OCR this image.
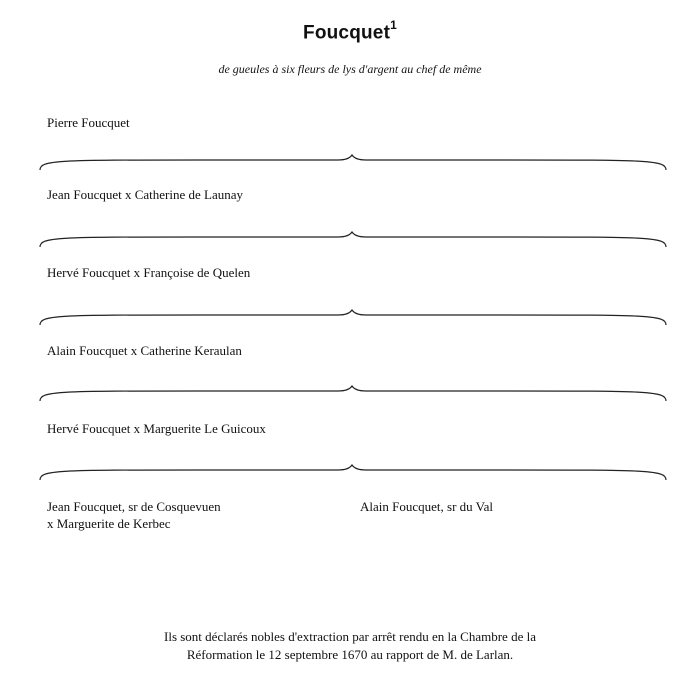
Foucquet$^1$
de gueules à six fleurs de lys d'argent au chef de même
Pierre Foucquet
Jean Foucquet x Catherine de Launay
Hervé Foucquet x Françoise de Quelen
Alain Foucquet x Catherine Keraulan
Hervé Foucquet x Marguerite Le Guicoux
Jean Foucquet, sr de Cosquevuen
x Marguerite de Kerbec
Alain Foucquet, sr du Val
Ils sont déclarés nobles d'extraction par arrêt rendu en la Chambre de la
Réformation le 12 septembre 1670 au rapport de M. de Larlan.
